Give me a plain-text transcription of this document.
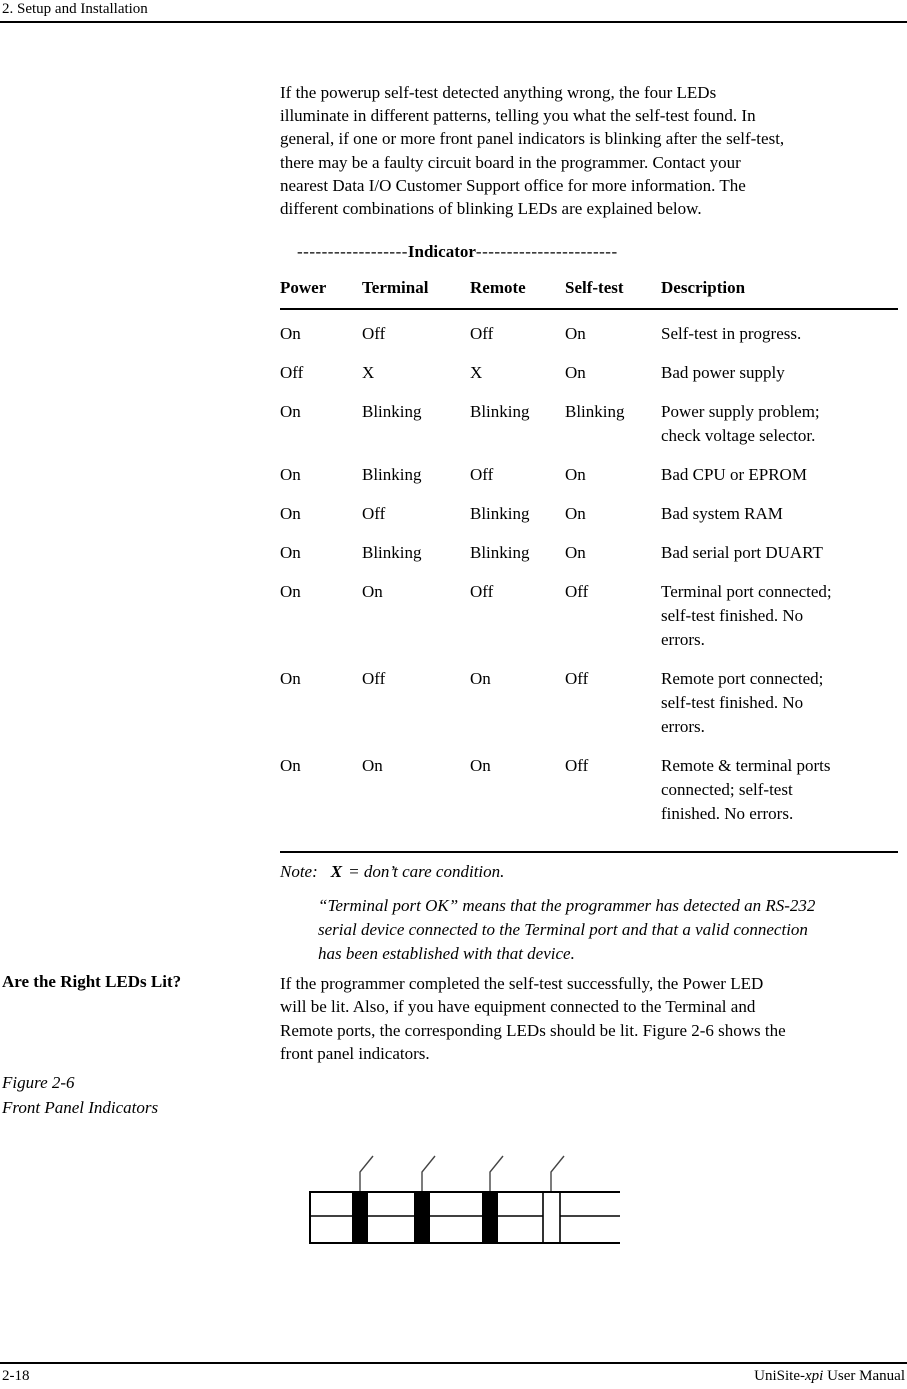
2. Setup and Installation
If the powerup self-test detected anything wrong, the four LEDs
illuminate in different patterns, telling you what the self-test found. In
general, if one or more front panel indicators is blinking after the self-test,
there may be a faulty circuit board in the programmer. Contact your
nearest Data I/O Customer Support office for more information. The
different combinations of blinking LEDs are explained below.
------------------Indicator-----------------------
Power	Terminal	Remote	Self-test	Description
On	Off	Off	On	Self-test in progress.
Off	X	X	On	Bad power supply
On	Blinking	Blinking	Blinking	Power supply problem;
check voltage selector.
On	Blinking	Off	On	Bad CPU or EPROM
On	Off	Blinking	On	Bad system RAM
On	Blinking	Blinking	On	Bad serial port DUART
On	On	Off	Off	Terminal port connected;
self-test finished. No
errors.
On	Off	On	Off	Remote port connected;
self-test finished. No
errors.
On	On	On	Off	Remote & terminal ports
connected; self-test
finished. No errors.
Note: X = don’t care condition.
“Terminal port OK” means that the programmer has detected an RS-232
serial device connected to the Terminal port and that a valid connection
has been established with that device.
Are the Right LEDs Lit?	If the programmer completed the self-test successfully, the Power LED
will be lit. Also, if you have equipment connected to the Terminal and
Remote ports, the corresponding LEDs should be lit. Figure 2-6 shows the
front panel indicators.
Figure 2-6
Front Panel Indicators
2-18	UniSite-xpi User Manual
